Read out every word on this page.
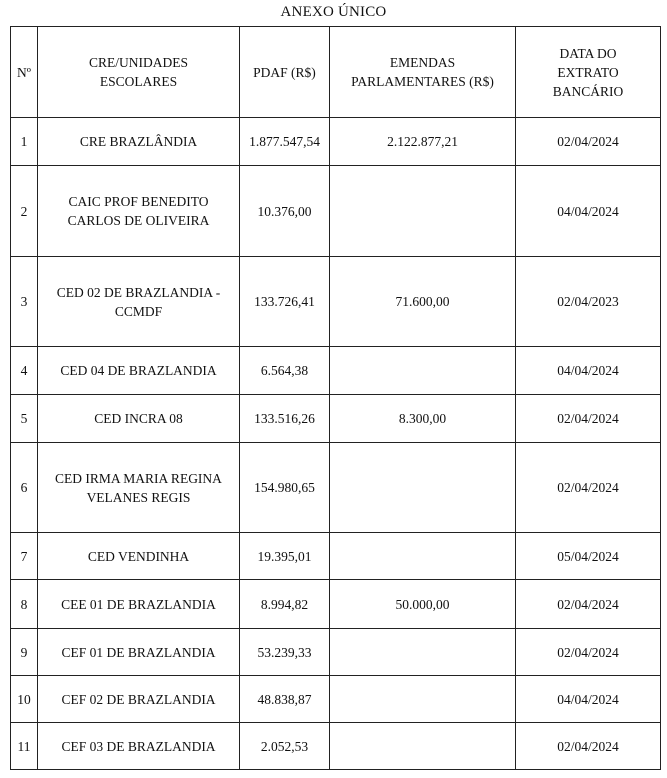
ANEXO ÚNICO
Nº	CRE/UNIDADES ESCOLARES	PDAF (R$)	EMENDAS PARLAMENTARES (R$)	DATA DO EXTRATO BANCÁRIO
1	CRE BRAZLÂNDIA	1.877.547,54	2.122.877,21	02/04/2024
2	CAIC PROF BENEDITO CARLOS DE OLIVEIRA	10.376,00		04/04/2024
3	CED 02 DE BRAZLANDIA - CCMDF	133.726,41	71.600,00	02/04/2023
4	CED 04 DE BRAZLANDIA	6.564,38		04/04/2024
5	CED INCRA 08	133.516,26	8.300,00	02/04/2024
6	CED IRMA MARIA REGINA VELANES REGIS	154.980,65		02/04/2024
7	CED VENDINHA	19.395,01		05/04/2024
8	CEE 01 DE BRAZLANDIA	8.994,82	50.000,00	02/04/2024
9	CEF 01 DE BRAZLANDIA	53.239,33		02/04/2024
10	CEF 02 DE BRAZLANDIA	48.838,87		04/04/2024
11	CEF 03 DE BRAZLANDIA	2.052,53		02/04/2024
